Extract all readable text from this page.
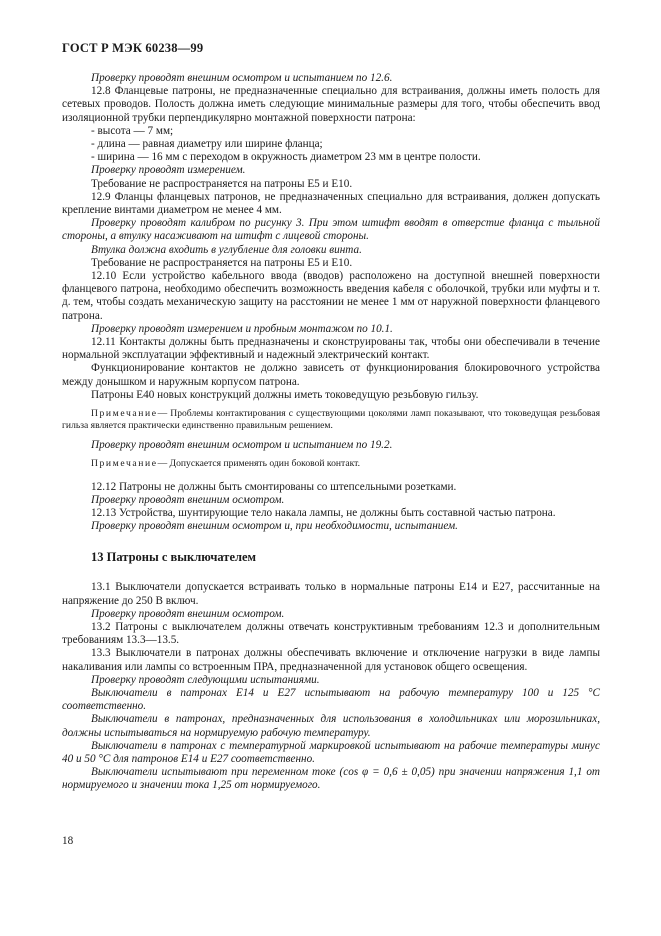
ГОСТ Р МЭК 60238—99

Проверку проводят внешним осмотром и испытанием по 12.6.

12.8 Фланцевые патроны, не предназначенные специально для встраивания, должны иметь полость для сетевых проводов. Полость должна иметь следующие минимальные размеры для того, чтобы обеспечить ввод изоляционной трубки перпендикулярно монтажной поверхности патрона:

- высота — 7 мм;

- длина — равная диаметру или ширине фланца;

- ширина — 16 мм с переходом в окружность диаметром 23 мм в центре полости.

Проверку проводят измерением.

Требование не распространяется на патроны Е5 и Е10.

12.9 Фланцы фланцевых патронов, не предназначенных специально для встраивания, должен допускать крепление винтами диаметром не менее 4 мм.

Проверку проводят калибром по рисунку 3. При этом штифт вводят в отверстие фланца с тыльной стороны, а втулку насаживают на штифт с лицевой стороны.

Втулка должна входить в углубление для головки винта.

Требование не распространяется на патроны Е5 и Е10.

12.10 Если устройство кабельного ввода (вводов) расположено на доступной внешней поверхности фланцевого патрона, необходимо обеспечить возможность введения кабеля с оболочкой, трубки или муфты и т. д. тем, чтобы создать механическую защиту на расстоянии не менее 1 мм от наружной поверхности фланцевого патрона.

Проверку проводят измерением и пробным монтажом по 10.1.

12.11 Контакты должны быть предназначены и сконструированы так, чтобы они обеспечивали в течение нормальной эксплуатации эффективный и надежный электрический контакт.

Функционирование контактов не должно зависеть от функционирования блокировочного устройства между донышком и наружным корпусом патрона.

Патроны Е40 новых конструкций должны иметь токоведущую резьбовую гильзу.

Примечание— Проблемы контактирования с существующими цоколями ламп показывают, что токоведущая резьбовая гильза является практически единственно правильным решением.

Проверку проводят внешним осмотром и испытанием по 19.2.

Примечание— Допускается применять один боковой контакт.

12.12 Патроны не должны быть смонтированы со штепсельными розетками.

Проверку проводят внешним осмотром.

12.13 Устройства, шунтирующие тело накала лампы, не должны быть составной частью патрона.

Проверку проводят внешним осмотром и, при необходимости, испытанием.

13 Патроны с выключателем

13.1 Выключатели допускается встраивать только в нормальные патроны Е14 и Е27, рассчитанные на напряжение до 250 В включ.

Проверку проводят внешним осмотром.

13.2 Патроны с выключателем должны отвечать конструктивным требованиям 12.3 и дополнительным требованиям 13.3—13.5.

13.3 Выключатели в патронах должны обеспечивать включение и отключение нагрузки в виде лампы накаливания или лампы со встроенным ПРА, предназначенной для установок общего освещения.

Проверку проводят следующими испытаниями.

Выключатели в патронах Е14 и Е27 испытывают на рабочую температуру 100 и 125 °С соответственно.

Выключатели в патронах, предназначенных для использования в холодильниках или морозильниках, должны испытываться на нормируемую рабочую температуру.

Выключатели в патронах с температурной маркировкой испытывают на рабочие температуры минус 40 и 50 °С для патронов Е14 и Е27 соответственно.

Выключатели испытывают при переменном токе (cos φ = 0,6 ± 0,05) при значении напряжения 1,1 от нормируемого и значении тока 1,25 от нормируемого.

18
